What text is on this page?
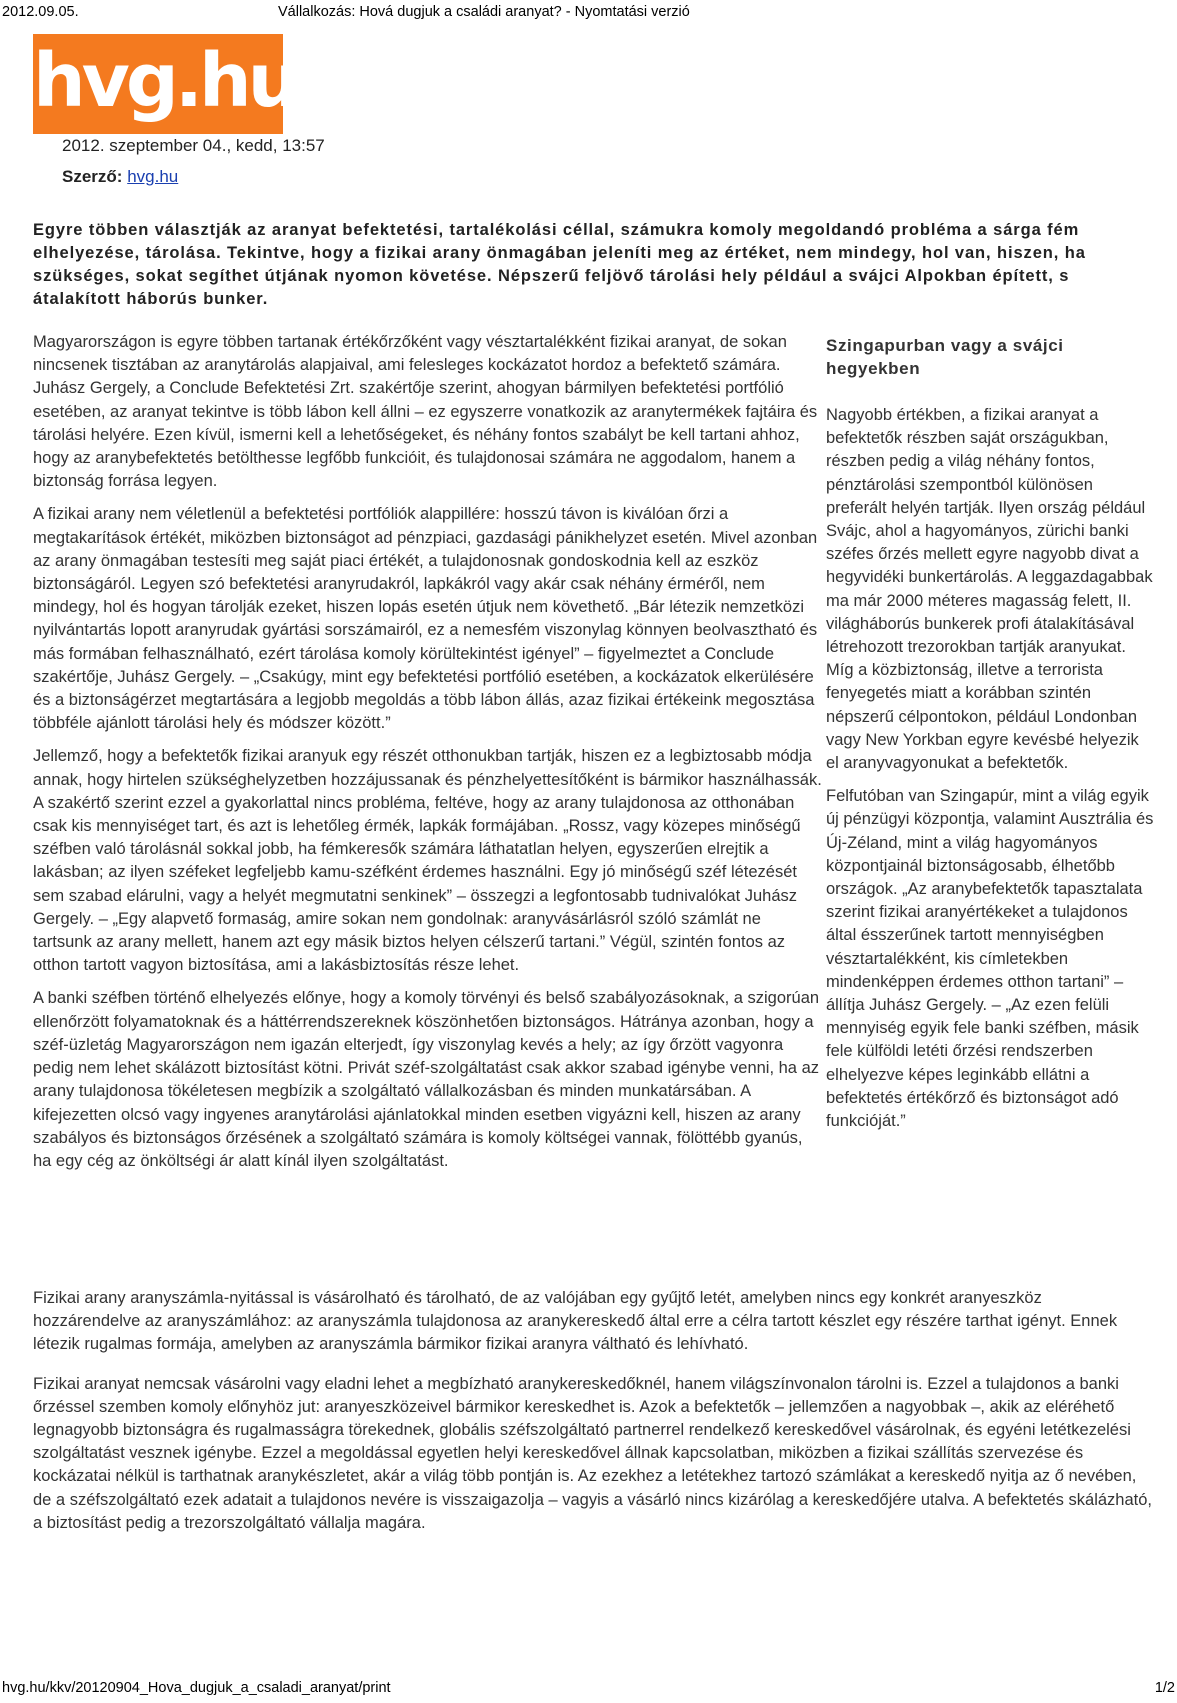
2012.09.05.	Vállalkozás: Hová dugjuk a családi aranyat? - Nyomtatási verzió
hvg.hu
2012. szeptember 04., kedd, 13:57
Szerző: hvg.hu
Egyre többen választják az aranyat befektetési, tartalékolási céllal, számukra komoly megoldandó probléma a sárga fém elhelyezése, tárolása. Tekintve, hogy a fizikai arany önmagában jeleníti meg az értéket, nem mindegy, hol van, hiszen, ha szükséges, sokat segíthet útjának nyomon követése. Népszerű feljövő tárolási hely például a svájci Alpokban épített, s átalakított háborús bunker.

Magyarországon is egyre többen tartanak értékőrzőként vagy vésztartalékként fizikai aranyat, de sokan nincsenek tisztában az aranytárolás alapjaival, ami felesleges kockázatot hordoz a befektető számára. Juhász Gergely, a Conclude Befektetési Zrt. szakértője szerint, ahogyan bármilyen befektetési portfólió esetében, az aranyat tekintve is több lábon kell állni – ez egyszerre vonatkozik az aranytermékek fajtáira és tárolási helyére. Ezen kívül, ismerni kell a lehetőségeket, és néhány fontos szabályt be kell tartani ahhoz, hogy az aranybefektetés betölthesse legfőbb funkcióit, és tulajdonosai számára ne aggodalom, hanem a biztonság forrása legyen.

A fizikai arany nem véletlenül a befektetési portfóliók alappillére: hosszú távon is kiválóan őrzi a megtakarítások értékét, miközben biztonságot ad pénzpiaci, gazdasági pánikhelyzet esetén. Mivel azonban az arany önmagában testesíti meg saját piaci értékét, a tulajdonosnak gondoskodnia kell az eszköz biztonságáról. Legyen szó befektetési aranyrudakról, lapkákról vagy akár csak néhány érméről, nem mindegy, hol és hogyan tárolják ezeket, hiszen lopás esetén útjuk nem követhető. „Bár létezik nemzetközi nyilvántartás lopott aranyrudak gyártási sorszámairól, ez a nemesfém viszonylag könnyen beolvasztható és más formában felhasználható, ezért tárolása komoly körültekintést igényel” – figyelmeztet a Conclude szakértője, Juhász Gergely. – „Csakúgy, mint egy befektetési portfólió esetében, a kockázatok elkerülésére és a biztonságérzet megtartására a legjobb megoldás a több lábon állás, azaz fizikai értékeink megosztása többféle ajánlott tárolási hely és módszer között.”

Jellemző, hogy a befektetők fizikai aranyuk egy részét otthonukban tartják, hiszen ez a legbiztosabb módja annak, hogy hirtelen szükséghelyzetben hozzájussanak és pénzhelyettesítőként is bármikor használhassák. A szakértő szerint ezzel a gyakorlattal nincs probléma, feltéve, hogy az arany tulajdonosa az otthonában csak kis mennyiséget tart, és azt is lehetőleg érmék, lapkák formájában. „Rossz, vagy közepes minőségű széfben való tárolásnál sokkal jobb, ha fémkeresők számára láthatatlan helyen, egyszerűen elrejtik a lakásban; az ilyen széfeket legfeljebb kamu-széfként érdemes használni. Egy jó minőségű széf létezését sem szabad elárulni, vagy a helyét megmutatni senkinek” – összegzi a legfontosabb tudnivalókat Juhász Gergely. – „Egy alapvető formaság, amire sokan nem gondolnak: aranyvásárlásról szóló számlát ne tartsunk az arany mellett, hanem azt egy másik biztos helyen célszerű tartani.” Végül, szintén fontos az otthon tartott vagyon biztosítása, ami a lakásbiztosítás része lehet.

A banki széfben történő elhelyezés előnye, hogy a komoly törvényi és belső szabályozásoknak, a szigorúan ellenőrzött folyamatoknak és a háttérrendszereknek köszönhetően biztonságos. Hátránya azonban, hogy a széf-üzletág Magyarországon nem igazán elterjedt, így viszonylag kevés a hely; az így őrzött vagyonra pedig nem lehet skálázott biztosítást kötni. Privát széf-szolgáltatást csak akkor szabad igénybe venni, ha az arany tulajdonosa tökéletesen megbízik a szolgáltató vállalkozásban és minden munkatársában. A kifejezetten olcsó vagy ingyenes aranytárolási ajánlatokkal minden esetben vigyázni kell, hiszen az arany szabályos és biztonságos őrzésének a szolgáltató számára is komoly költségei vannak, fölöttébb gyanús, ha egy cég az önköltségi ár alatt kínál ilyen szolgáltatást.

Szingapurban vagy a svájci hegyekben

Nagyobb értékben, a fizikai aranyat a befektetők részben saját országukban, részben pedig a világ néhány fontos, pénztárolási szempontból különösen preferált helyén tartják. Ilyen ország például Svájc, ahol a hagyományos, zürichi banki széfes őrzés mellett egyre nagyobb divat a hegyvidéki bunkertárolás. A leggazdagabbak ma már 2000 méteres magasság felett, II. világháborús bunkerek profi átalakításával létrehozott trezorokban tartják aranyukat. Míg a közbiztonság, illetve a terrorista fenyegetés miatt a korábban szintén népszerű célpontokon, például Londonban vagy New Yorkban egyre kevésbé helyezik el aranyvagyonukat a befektetők.

Felfutóban van Szingapúr, mint a világ egyik új pénzügyi központja, valamint Ausztrália és Új-Zéland, mint a világ hagyományos központjainál biztonságosabb, élhetőbb országok. „Az aranybefektetők tapasztalata szerint fizikai aranyértékeket a tulajdonos által ésszerűnek tartott mennyiségben vésztartalékként, kis címletekben mindenképpen érdemes otthon tartani” – állítja Juhász Gergely. – „Az ezen felüli mennyiség egyik fele banki széfben, másik fele külföldi letéti őrzési rendszerben elhelyezve képes leginkább ellátni a befektetés értékőrző és biztonságot adó funkcióját.”

Fizikai arany aranyszámla-nyitással is vásárolható és tárolható, de az valójában egy gyűjtő letét, amelyben nincs egy konkrét aranyeszköz hozzárendelve az aranyszámlához: az aranyszámla tulajdonosa az aranykereskedő által erre a célra tartott készlet egy részére tarthat igényt. Ennek létezik rugalmas formája, amelyben az aranyszámla bármikor fizikai aranyra váltható és lehívható.

Fizikai aranyat nemcsak vásárolni vagy eladni lehet a megbízható aranykereskedőknél, hanem világszínvonalon tárolni is. Ezzel a tulajdonos a banki őrzéssel szemben komoly előnyhöz jut: aranyeszközeivel bármikor kereskedhet is. Azok a befektetők – jellemzően a nagyobbak –, akik az eléréhető legnagyobb biztonságra és rugalmasságra törekednek, globális széfszolgáltató partnerrel rendelkező kereskedővel vásárolnak, és egyéni letétkezelési szolgáltatást vesznek igénybe. Ezzel a megoldással egyetlen helyi kereskedővel állnak kapcsolatban, miközben a fizikai szállítás szervezése és kockázatai nélkül is tarthatnak aranykészletet, akár a világ több pontján is. Az ezekhez a letétekhez tartozó számlákat a kereskedő nyitja az ő nevében, de a széfszolgáltató ezek adatait a tulajdonos nevére is visszaigazolja – vagyis a vásárló nincs kizárólag a kereskedőjére utalva. A befektetés skálázható, a biztosítást pedig a trezorszolgáltató vállalja magára.

hvg.hu/kkv/20120904_Hova_dugjuk_a_csaladi_aranyat/print	1/2
